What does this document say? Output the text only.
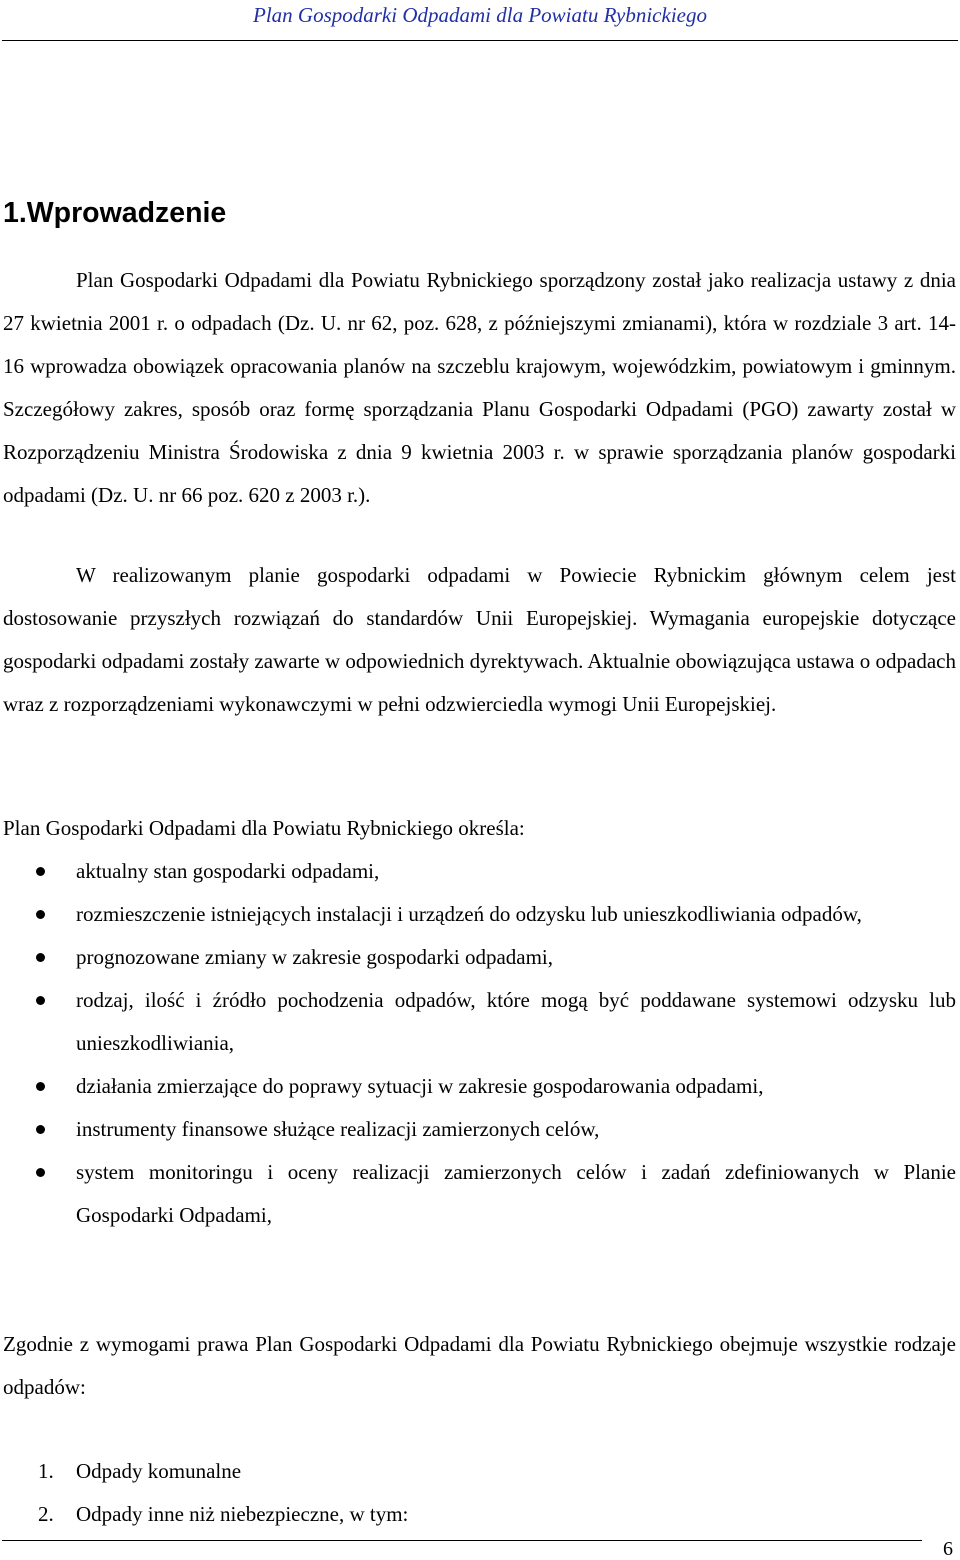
Plan Gospodarki Odpadami dla Powiatu Rybnickiego
1.Wprowadzenie

Plan Gospodarki Odpadami dla Powiatu Rybnickiego sporządzony został jako realizacja ustawy z dnia 27 kwietnia 2001 r. o odpadach (Dz. U. nr 62, poz. 628, z późniejszymi zmianami), która w rozdziale 3 art. 14-16 wprowadza obowiązek opracowania planów na szczeblu krajowym, wojewódzkim, powiatowym i gminnym. Szczegółowy zakres, sposób oraz formę sporządzania Planu Gospodarki Odpadami (PGO) zawarty został w Rozporządzeniu Ministra Środowiska z dnia 9 kwietnia 2003 r. w sprawie sporządzania planów gospodarki odpadami (Dz. U. nr 66 poz. 620 z 2003 r.).

W realizowanym planie gospodarki odpadami w Powiecie Rybnickim głównym celem jest dostosowanie przyszłych rozwiązań do standardów Unii Europejskiej. Wymagania europejskie dotyczące gospodarki odpadami zostały zawarte w odpowiednich dyrektywach. Aktualnie obowiązująca ustawa o odpadach wraz z rozporządzeniami wykonawczymi w pełni odzwierciedla wymogi Unii Europejskiej.

Plan Gospodarki Odpadami dla Powiatu Rybnickiego określa:

aktualny stan gospodarki odpadami,
rozmieszczenie istniejących instalacji i urządzeń do odzysku lub unieszkodliwiania odpadów,
prognozowane zmiany w zakresie gospodarki odpadami,
rodzaj, ilość i źródło pochodzenia odpadów, które mogą być poddawane systemowi odzysku lub unieszkodliwiania,
działania zmierzające do poprawy sytuacji w zakresie gospodarowania odpadami,
instrumenty finansowe służące realizacji zamierzonych celów,
system monitoringu i oceny realizacji zamierzonych celów i zadań zdefiniowanych w Planie Gospodarki Odpadami,

Zgodnie z wymogami prawa Plan Gospodarki Odpadami dla Powiatu Rybnickiego obejmuje wszystkie rodzaje odpadów:

1. Odpady komunalne
2. Odpady inne niż niebezpieczne, w tym:
6
